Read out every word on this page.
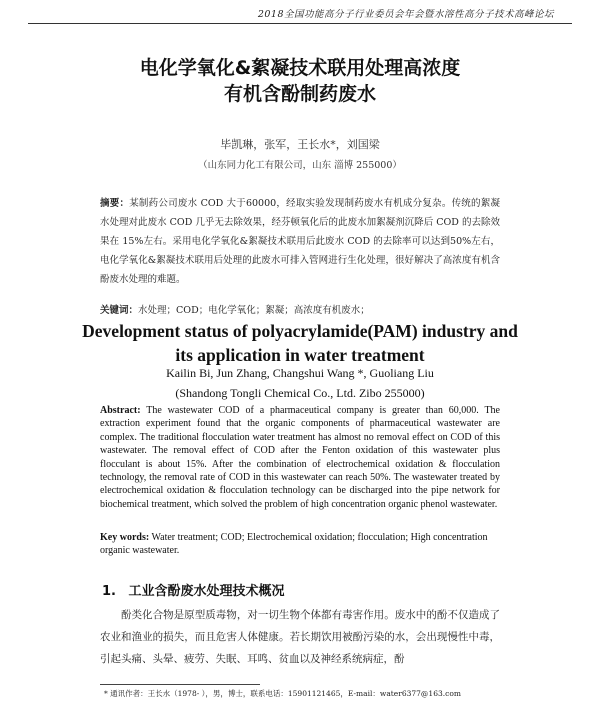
2018全国功能高分子行业委员会年会暨水溶性高分子技术高峰论坛
电化学氧化&絮凝技术联用处理高浓度
有机含酚制药废水
毕凯琳，张军，王长水*，刘国梁
（山东同力化工有限公司，山东 淄博 255000）
摘要：某制药公司废水 COD 大于60000，经取实验发现制药废水有机成分复杂。传统的絮凝水处理对此废水 COD 几乎无去除效果，经芬顿氧化后的此废水加絮凝剂沉降后 COD 的去除效果在 15%左右。采用电化学氧化&絮凝技术联用后此废水 COD 的去除率可以达到50%左右，电化学氧化&絮凝技术联用后处理的此废水可排入管网进行生化处理，很好解决了高浓度有机含酚废水处理的难题。
关键词：水处理；COD；电化学氧化；絮凝；高浓度有机废水；
Development status of polyacrylamide(PAM) industry and
its application in water treatment
Kailin Bi, Jun Zhang, Changshui Wang *, Guoliang Liu
(Shandong Tongli Chemical Co., Ltd. Zibo 255000)
Abstract: The wastewater COD of a pharmaceutical company is greater than 60,000. The extraction experiment found that the organic components of pharmaceutical wastewater are complex. The traditional flocculation water treatment has almost no removal effect on COD of this wastewater. The removal effect of COD after the Fenton oxidation of this wastewater plus flocculant is about 15%. After the combination of electrochemical oxidation & flocculation technology, the removal rate of COD in this wastewater can reach 50%. The wastewater treated by electrochemical oxidation & flocculation technology can be discharged into the pipe network for biochemical treatment, which solved the problem of high concentration organic phenol wastewater.
Key words: Water treatment; COD; Electrochemical oxidation; flocculation; High concentration organic wastewater.
1. 工业含酚废水处理技术概况
酚类化合物是原型质毒物，对一切生物个体都有毒害作用。废水中的酚不仅造成了农业和渔业的损失，而且危害人体健康。若长期饮用被酚污染的水，会出现慢性中毒，引起头痛、头晕、疲劳、失眠、耳鸣、贫血以及神经系统病症，酚
* 通讯作者：王长水（1978- ），男，博士，联系电话：15901121465，E-mail：water6377@163.com
